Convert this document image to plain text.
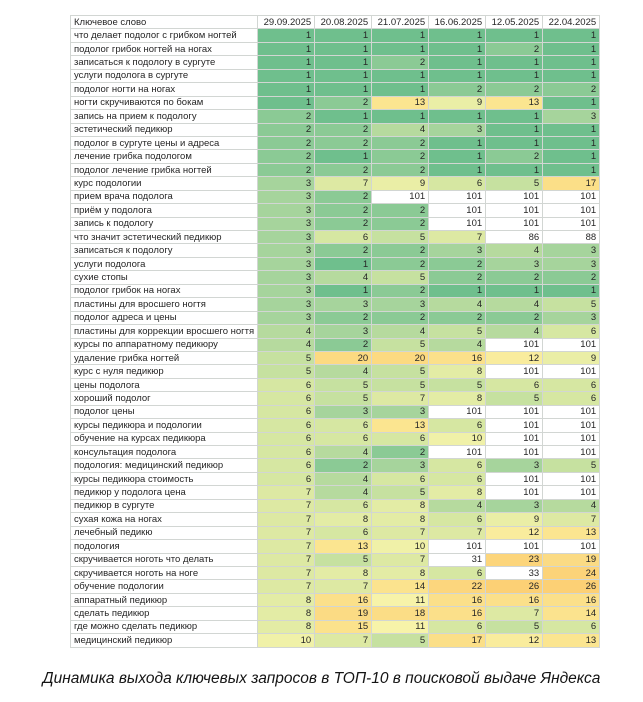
Ключевое слово	29.09.2025	20.08.2025	21.07.2025	16.06.2025	12.05.2025	22.04.2025
что делает подолог с грибком ногтей	1	1	1	1	1	1
подолог грибок ногтей на ногах	1	1	1	1	2	1
записаться к подологу в сургуте	1	1	2	1	1	1
услуги подолога в сургуте	1	1	1	1	1	1
подолог ногти на ногах	1	1	1	2	2	2
ногти скручиваются по бокам	1	2	13	9	13	1
запись на прием к подологу	2	1	1	1	1	3
эстетический педикюр	2	2	4	3	1	1
подолог в сургуте цены и адреса	2	2	2	1	1	1
лечение грибка подологом	2	1	2	1	2	1
подолог лечение грибка ногтей	2	2	2	1	1	1
курс подологии	3	7	9	6	5	17
прием врача подолога	3	2	101	101	101	101
приём у подолога	3	2	2	101	101	101
запись к подологу	3	2	2	101	101	101
что значит эстетический педикюр	3	6	5	7	86	88
записаться к подологу	3	2	2	3	4	3
услуги подолога	3	1	2	2	3	3
сухие стопы	3	4	5	2	2	2
подолог грибок на ногах	3	1	2	1	1	1
пластины для вросшего ногтя	3	3	3	4	4	5
подолог адреса и цены	3	2	2	2	2	3
пластины для коррекции вросшего ногтя	4	3	4	5	4	6
курсы по аппаратному педикюру	4	2	5	4	101	101
удаление грибка ногтей	5	20	20	16	12	9
курс с нуля педикюр	5	4	5	8	101	101
цены подолога	6	5	5	5	6	6
хороший подолог	6	5	7	8	5	6
подолог цены	6	3	3	101	101	101
курсы педикюра и подологии	6	6	13	6	101	101
обучение на курсах педикюра	6	6	6	10	101	101
консультация подолога	6	4	2	101	101	101
подология: медицинский педикюр	6	2	3	6	3	5
курсы педикюра стоимость	6	4	6	6	101	101
педикюр у подолога цена	7	4	5	8	101	101
педикюр в сургуте	7	6	8	4	3	4
сухая кожа на ногах	7	8	8	6	9	7
лечебный педикю	7	6	7	7	12	13
подология	7	13	10	101	101	101
скручивается ноготь что делать	7	5	7	31	23	19
скручивается ноготь на ноге	7	8	8	6	33	24
обучение подологии	7	7	14	22	26	26
аппаратный педикюр	8	16	11	16	16	16
сделать педикюр	8	19	18	16	7	14
где можно сделать педикюр	8	15	11	6	5	6
медицинский педикюр	10	7	5	17	12	13
Динамика выхода ключевых запросов в ТОП-10 в поисковой выдаче Яндекса
